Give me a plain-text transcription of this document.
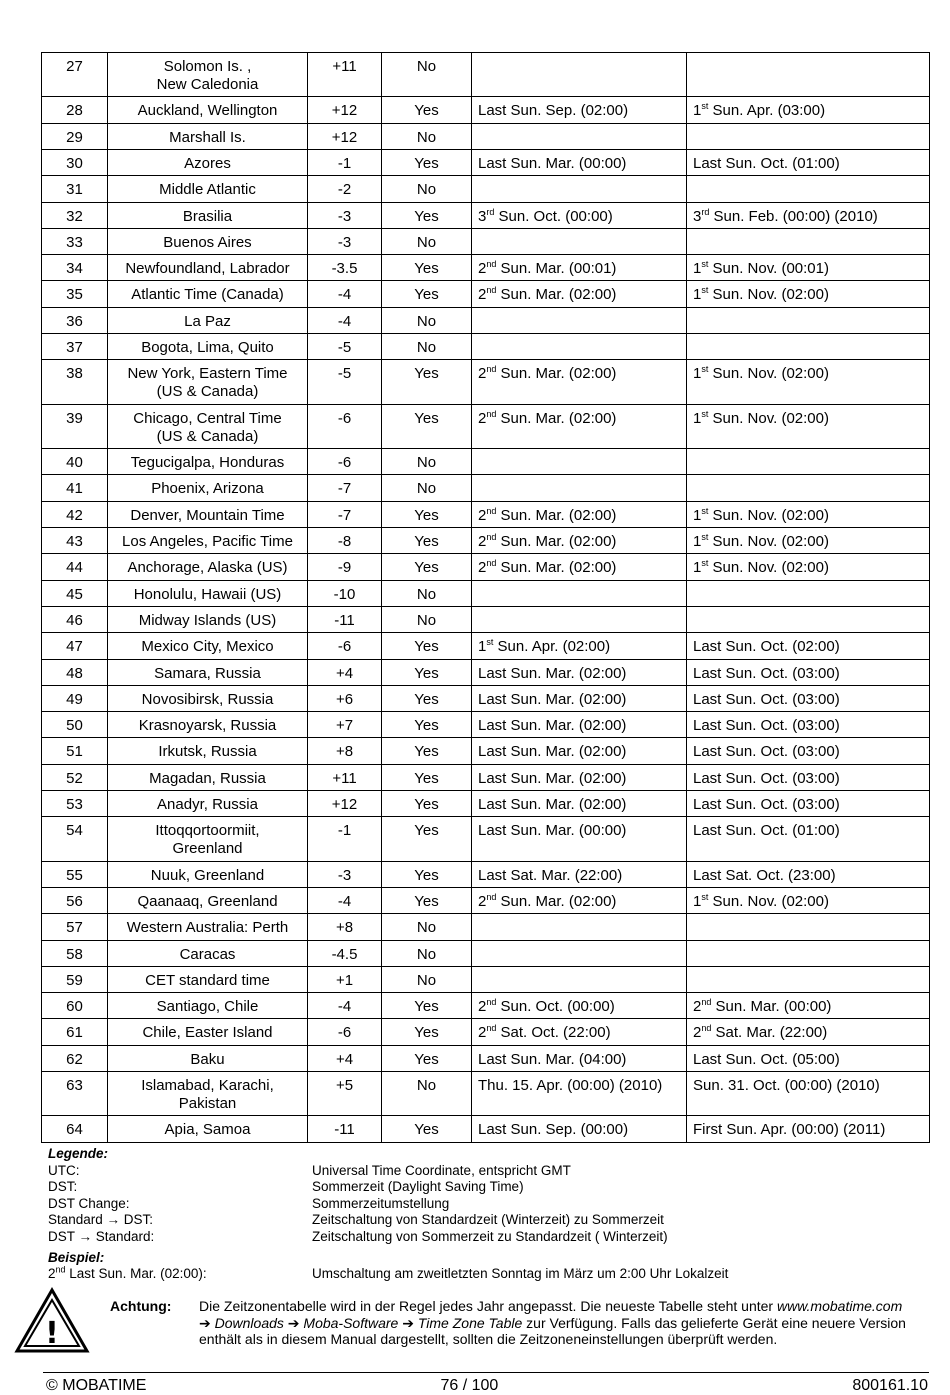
27	Solomon Is. ,
New Caledonia	+11	No		
28	Auckland, Wellington	+12	Yes	Last Sun. Sep. (02:00)	1st Sun. Apr. (03:00)
29	Marshall Is.	+12	No		
30	Azores	-1	Yes	Last Sun. Mar. (00:00)	Last Sun. Oct. (01:00)
31	Middle Atlantic	-2	No		
32	Brasilia	-3	Yes	3rd Sun. Oct. (00:00)	3rd Sun. Feb. (00:00) (2010)
33	Buenos Aires	-3	No		
34	Newfoundland, Labrador	-3.5	Yes	2nd Sun. Mar. (00:01)	1st Sun. Nov. (00:01)
35	Atlantic Time (Canada)	-4	Yes	2nd Sun. Mar. (02:00)	1st Sun. Nov. (02:00)
36	La Paz	-4	No		
37	Bogota, Lima, Quito	-5	No		
38	New York, Eastern Time
(US & Canada)	-5	Yes	2nd Sun. Mar. (02:00)	1st Sun. Nov. (02:00)
39	Chicago, Central Time
(US & Canada)	-6	Yes	2nd Sun. Mar. (02:00)	1st Sun. Nov. (02:00)
40	Tegucigalpa, Honduras	-6	No		
41	Phoenix, Arizona	-7	No		
42	Denver, Mountain Time	-7	Yes	2nd Sun. Mar. (02:00)	1st Sun. Nov. (02:00)
43	Los Angeles, Pacific Time	-8	Yes	2nd Sun. Mar. (02:00)	1st Sun. Nov. (02:00)
44	Anchorage, Alaska (US)	-9	Yes	2nd Sun. Mar. (02:00)	1st Sun. Nov. (02:00)
45	Honolulu, Hawaii (US)	-10	No		
46	Midway Islands (US)	-11	No		
47	Mexico City, Mexico	-6	Yes	1st Sun. Apr. (02:00)	Last Sun. Oct. (02:00)
48	Samara, Russia	+4	Yes	Last Sun. Mar. (02:00)	Last Sun. Oct. (03:00)
49	Novosibirsk, Russia	+6	Yes	Last Sun. Mar. (02:00)	Last Sun. Oct. (03:00)
50	Krasnoyarsk, Russia	+7	Yes	Last Sun. Mar. (02:00)	Last Sun. Oct. (03:00)
51	Irkutsk, Russia	+8	Yes	Last Sun. Mar. (02:00)	Last Sun. Oct. (03:00)
52	Magadan, Russia	+11	Yes	Last Sun. Mar. (02:00)	Last Sun. Oct. (03:00)
53	Anadyr, Russia	+12	Yes	Last Sun. Mar. (02:00)	Last Sun. Oct. (03:00)
54	Ittoqqortoormiit,
Greenland	-1	Yes	Last Sun. Mar. (00:00)	Last Sun. Oct. (01:00)
55	Nuuk, Greenland	-3	Yes	Last Sat. Mar. (22:00)	Last Sat. Oct. (23:00)
56	Qaanaaq, Greenland	-4	Yes	2nd Sun. Mar. (02:00)	1st Sun. Nov. (02:00)
57	Western Australia: Perth	+8	No		
58	Caracas	-4.5	No		
59	CET standard time	+1	No		
60	Santiago, Chile	-4	Yes	2nd Sun. Oct. (00:00)	2nd Sun. Mar. (00:00)
61	Chile, Easter Island	-6	Yes	2nd Sat. Oct. (22:00)	2nd Sat. Mar. (22:00)
62	Baku	+4	Yes	Last Sun. Mar. (04:00)	Last Sun. Oct. (05:00)
63	Islamabad, Karachi,
Pakistan	+5	No	Thu. 15. Apr. (00:00) (2010)	Sun. 31. Oct. (00:00) (2010)
64	Apia, Samoa	-11	Yes	Last Sun. Sep. (00:00)	First Sun. Apr. (00:00) (2011)
Legende:
UTC:	Universal Time Coordinate, entspricht GMT
DST:	Sommerzeit (Daylight Saving Time)
DST Change:	Sommerzeitumstellung
Standard → DST:	Zeitschaltung von Standardzeit (Winterzeit) zu Sommerzeit
DST → Standard:	Zeitschaltung von Sommerzeit zu Standardzeit ( Winterzeit)
Beispiel:
2nd Last Sun. Mar. (02:00):	Umschaltung am zweitletzten Sonntag im März um 2:00 Uhr Lokalzeit
!
Achtung:	Die Zeitzonentabelle wird in der Regel jedes Jahr angepasst. Die neueste Tabelle steht unter www.mobatime.com
➔ Downloads ➔ Moba-Software ➔ Time Zone Table zur Verfügung. Falls das gelieferte Gerät eine neuere Version enthält als in diesem Manual dargestellt, sollten die Zeitzoneneinstellungen überprüft werden.
© MOBATIME	76 / 100	800161.10
